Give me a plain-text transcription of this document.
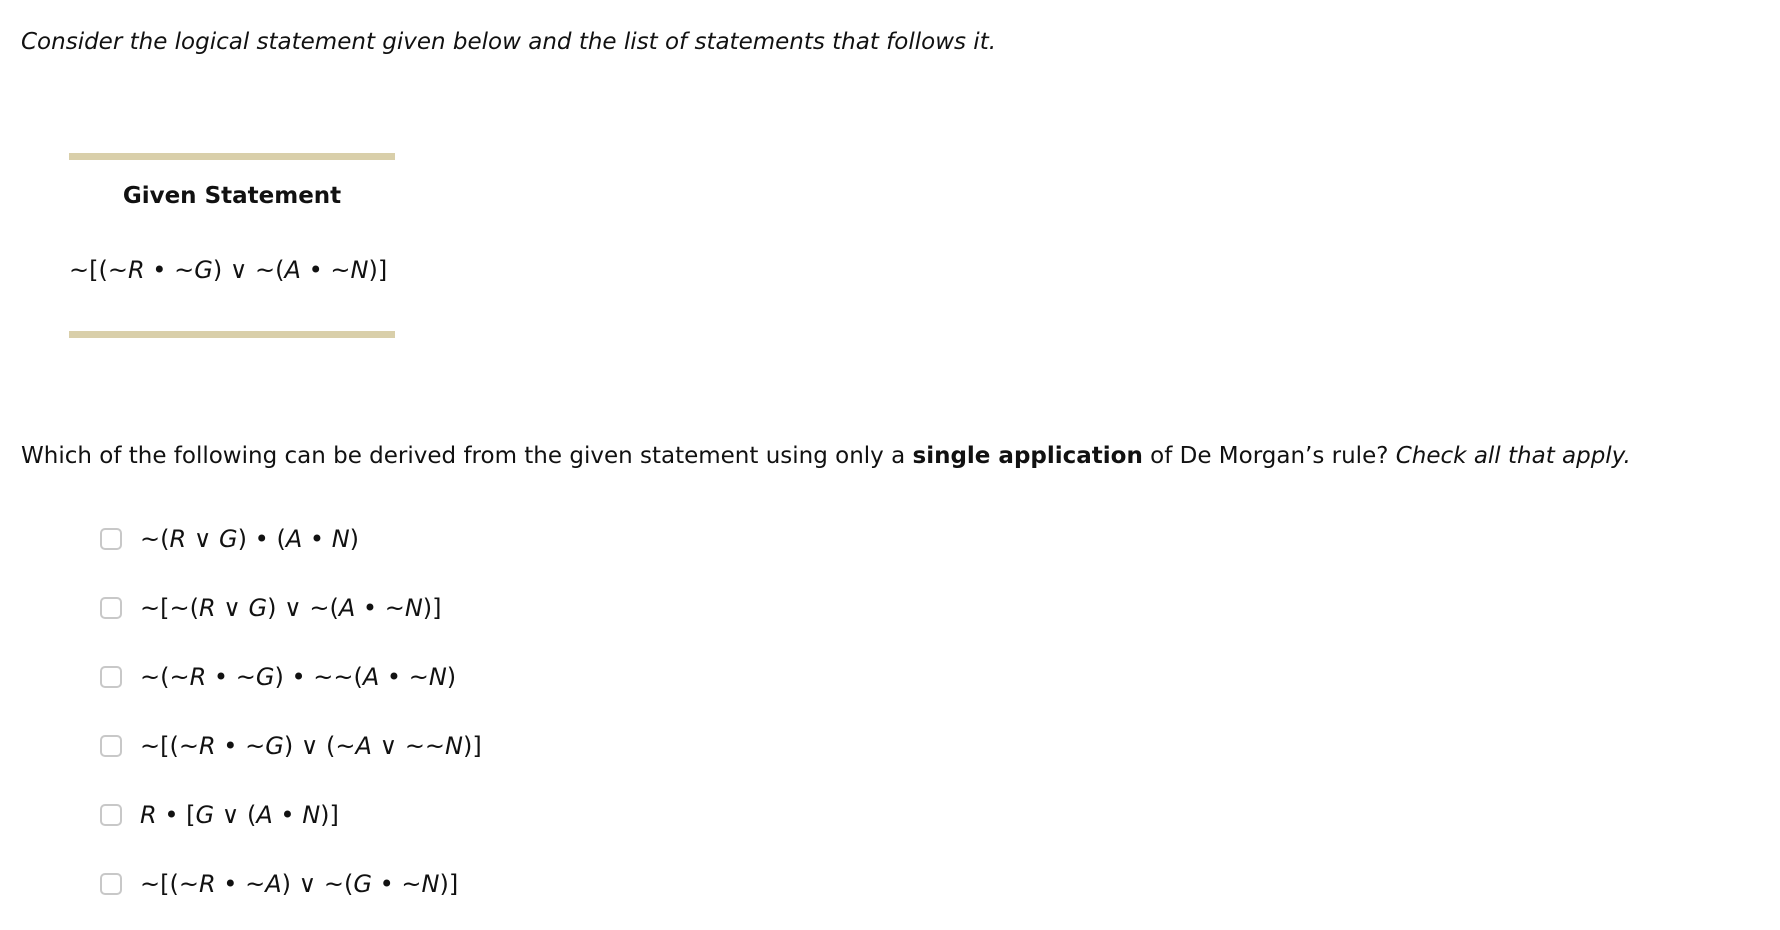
Consider the logical statement given below and the list of statements that follows it.
Given Statement
~[(~R • ~G) ∨ ~(A • ~N)]
Which of the following can be derived from the given statement using only a single application of De Morgan’s rule? Check all that apply.
~(R ∨ G) • (A • N)
~[~(R ∨ G) ∨ ~(A • ~N)]
~(~R • ~G) • ~~(A • ~N)
~[(~R • ~G) ∨ (~A ∨ ~~N)]
R • [G ∨ (A • N)]
~[(~R • ~A) ∨ ~(G • ~N)]
